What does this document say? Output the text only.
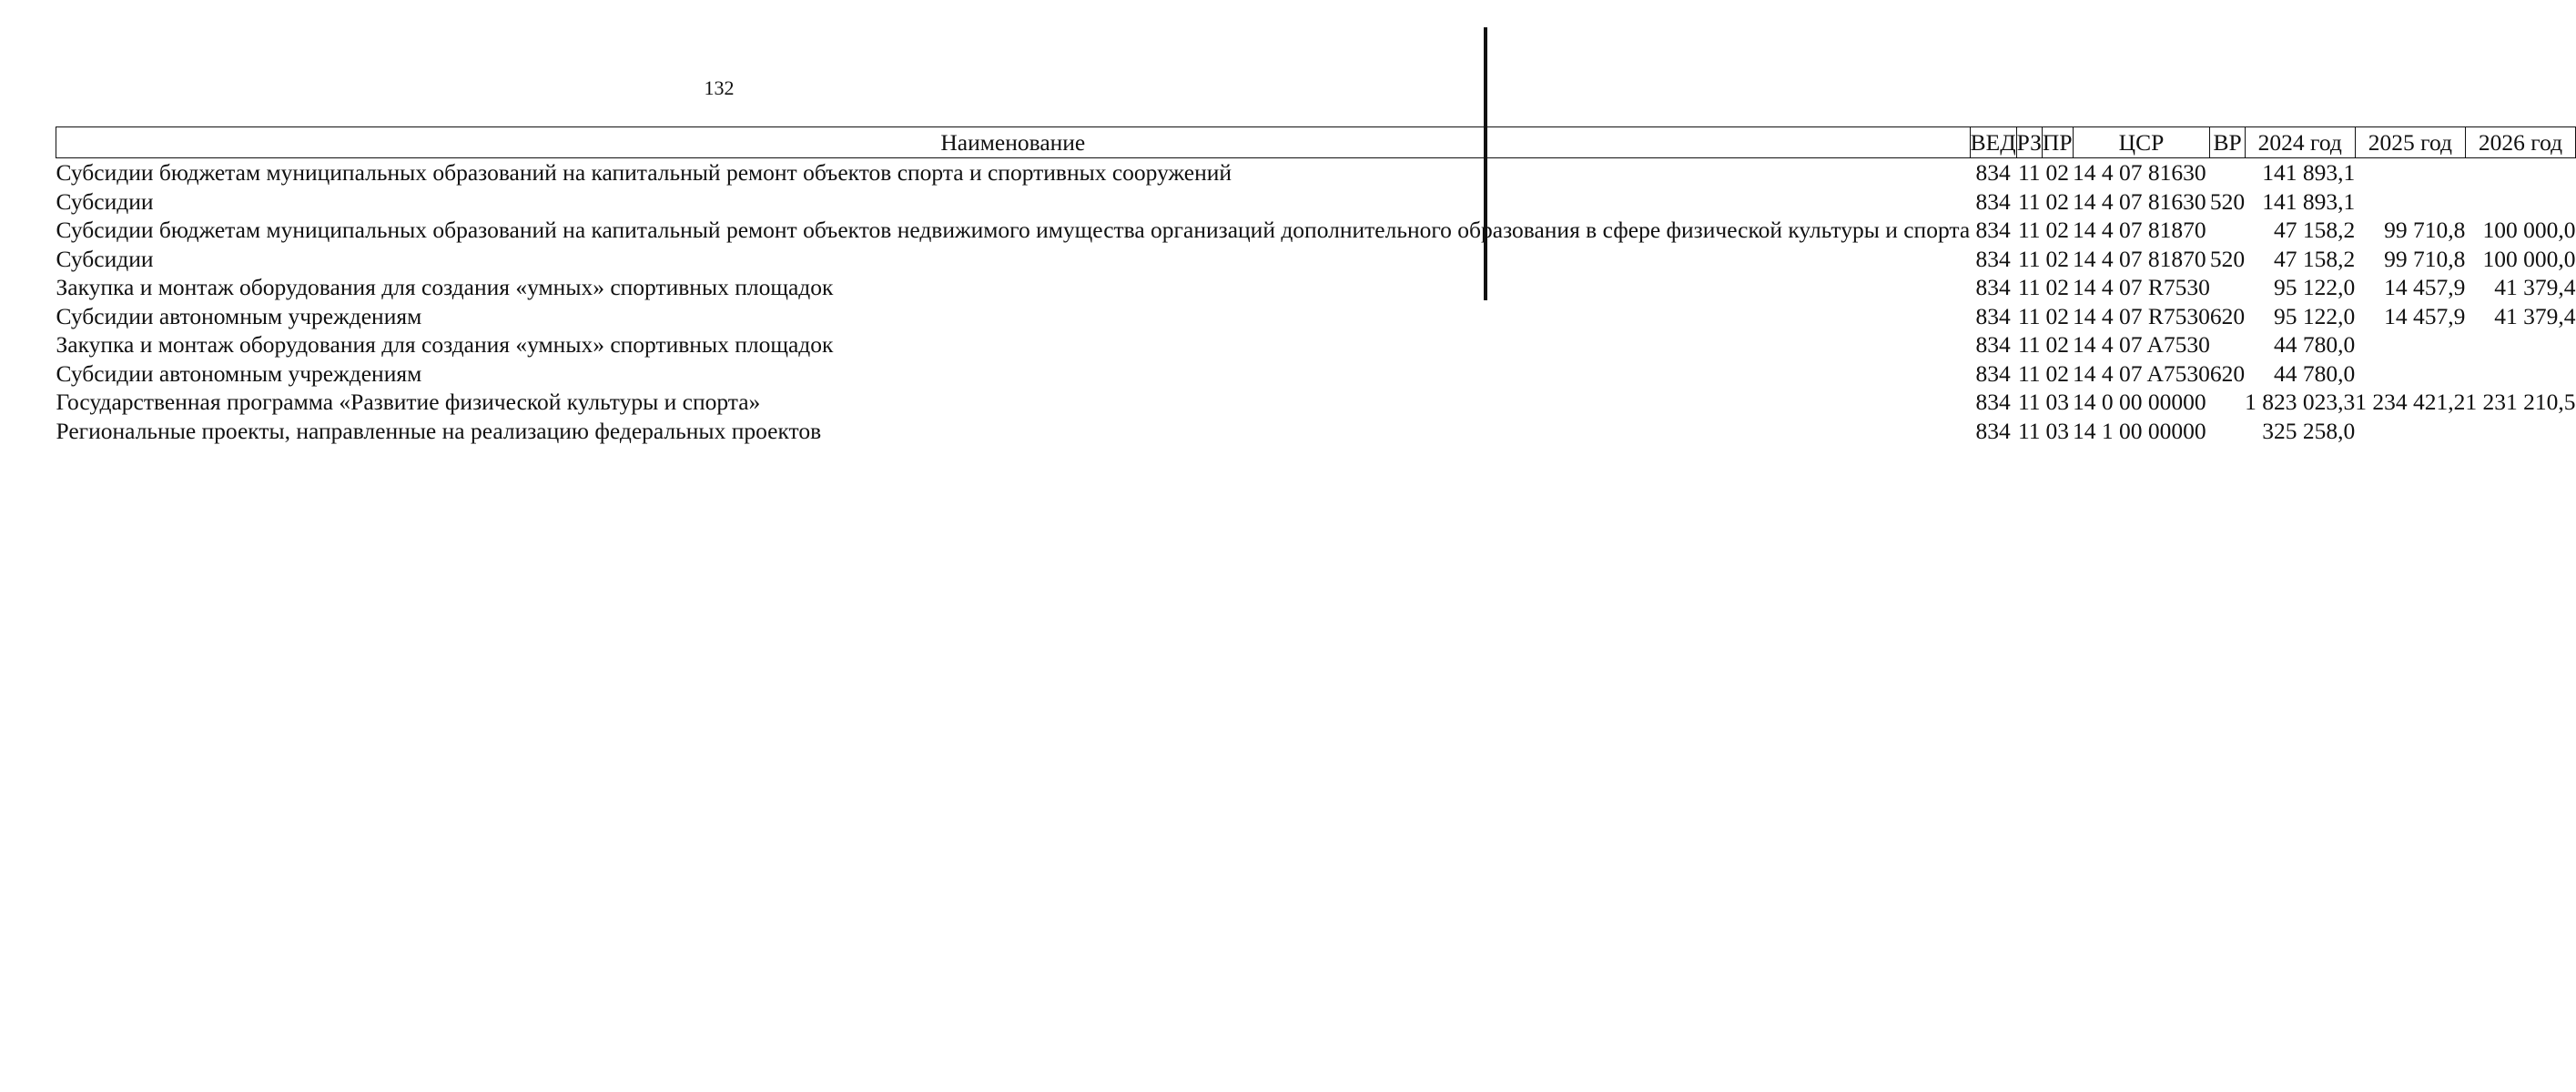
132
Наименование	ВЕД	РЗ	ПР	ЦСР	ВР	2024 год	2025 год	2026 год
Субсидии бюджетам муниципальных образований на капитальный ремонт объектов спорта и спортивных сооружений	834	11	02	14 4 07 81630		141 893,1		
Субсидии	834	11	02	14 4 07 81630	520	141 893,1		
Субсидии бюджетам муниципальных образований на капитальный ремонт объектов недвижимого имущества организаций дополнительного образования в сфере физической культуры и спорта	834	11	02	14 4 07 81870		47 158,2	99 710,8	100 000,0
Субсидии	834	11	02	14 4 07 81870	520	47 158,2	99 710,8	100 000,0
Закупка и монтаж оборудования для создания «умных» спортивных площадок	834	11	02	14 4 07 R7530		95 122,0	14 457,9	41 379,4
Субсидии автономным учреждениям	834	11	02	14 4 07 R7530	620	95 122,0	14 457,9	41 379,4
Закупка и монтаж оборудования для создания «умных» спортивных площадок	834	11	02	14 4 07 A7530		44 780,0		
Субсидии автономным учреждениям	834	11	02	14 4 07 A7530	620	44 780,0		
Государственная программа «Развитие физической культуры и спорта»	834	11	03	14 0 00 00000		1 823 023,3	1 234 421,2	1 231 210,5
Региональные проекты, направленные на реализацию федеральных проектов	834	11	03	14 1 00 00000		325 258,0		
